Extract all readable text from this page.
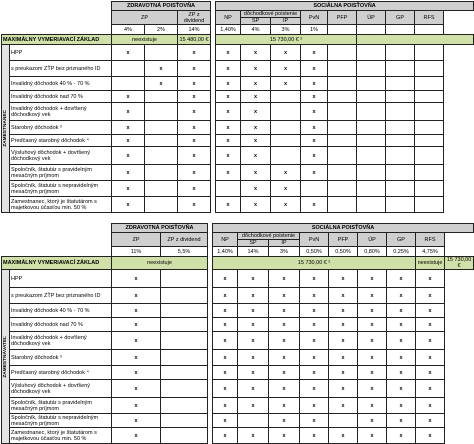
		ZDRAVOTNÁ POISŤOVŇA				SOCIÁLNA POISŤOVŇA							
		ZP		ZP z dividend		NP	dôchodkové poistenie		PvN	PFP	ÚP	GP	RFS
							SP	IP					
		4%	2%	14%		1,40%	4%	3%	1%				
MAXIMÁLNY VYMERIAVACÍ ZÁKLAD		neexistuje		15 480,00 €		15 730,00 € ²							

ZAMESTNANEC	HPP	x		x		x	x	x	x				
	s preukazom ZŤP bez priznaného ID		x	x		x	x	x	x				
	Invalidný dôchodok 40 % - 70 %		x	x		x	x	x	x				
	Invalidný dôchodok nad 70 %	x		x		x	x		x				
	Invalidný dôchodok + dovŕšený dôchodkový vek	x		x		x	x		x				
	Starobný dôchodok ³	x		x		x	x		x				
	Predčasný starobný dôchodok ⁴	x		x		x	x		x				
	Výsluhový dôchodok + dovŕšený dôchodkový vek	x		x		x	x		x				
	Spoločník, štatutár s pravidelným mesačným príjmom	x		x		x	x	x	x				
	Spoločník, štatutár s nepravidelným mesačným príjmom	x		x			x	x					
	Zamestnanec, ktorý je štatutárom s majetkovou účasťou min. 50 %	x		x		x	x	x	x				
		ZDRAVOTNÁ POISŤOVŇA			SOCIÁLNA POISŤOVŇA								
		ZP	ZP z dividend		NP	dôchodkové poistenie		PvN	PFP	ÚP	GP	RFS	
						SP	IP						
		11%	5,5%		1,40%	14%	3%	0,50%	0,50%	0,80%	0,25%	4,75%	
MAXIMÁLNY VYMERIAVACÍ ZÁKLAD		neexistuje			15 730,00 € ²							neexistuje	15 730,00 €

ZAMESTNÁVATEĽ	HPP	x			x	x	x	x	x	x	x	x	
	s preukazom ZŤP bez priznaného ID	x			x	x	x	x	x	x	x	x	
	Invalidný dôchodok 40 % - 70 %	x			x	x	x	x	x	x	x	x	
	Invalidný dôchodok nad 70 %	x			x	x	x	x	x	x	x	x	
	Invalidný dôchodok + dovŕšený dôchodkový vek	x			x	x	x	x	x	x	x	x	
	Starobný dôchodok ³	x			x	x	x	x	x	x	x	x	
	Predčasný starobný dôchodok ⁴	x			x	x	x	x	x	x	x	x	
	Výsluhový dôchodok + dovŕšený dôchodkový vek	x			x	x	x	x	x	x	x	x	
	Spoločník, štatutár s pravidelným mesačným príjmom	x			x	x	x	x	x	x	x	x	
	Spoločník, štatutár s nepravidelným mesačným príjmom	x			x		x	x		x	x	x	
	Zamestnanec, ktorý je štatutárom s majetkovou účasťou min. 50 %	x			x	x	x	x	x	x	x	x	
